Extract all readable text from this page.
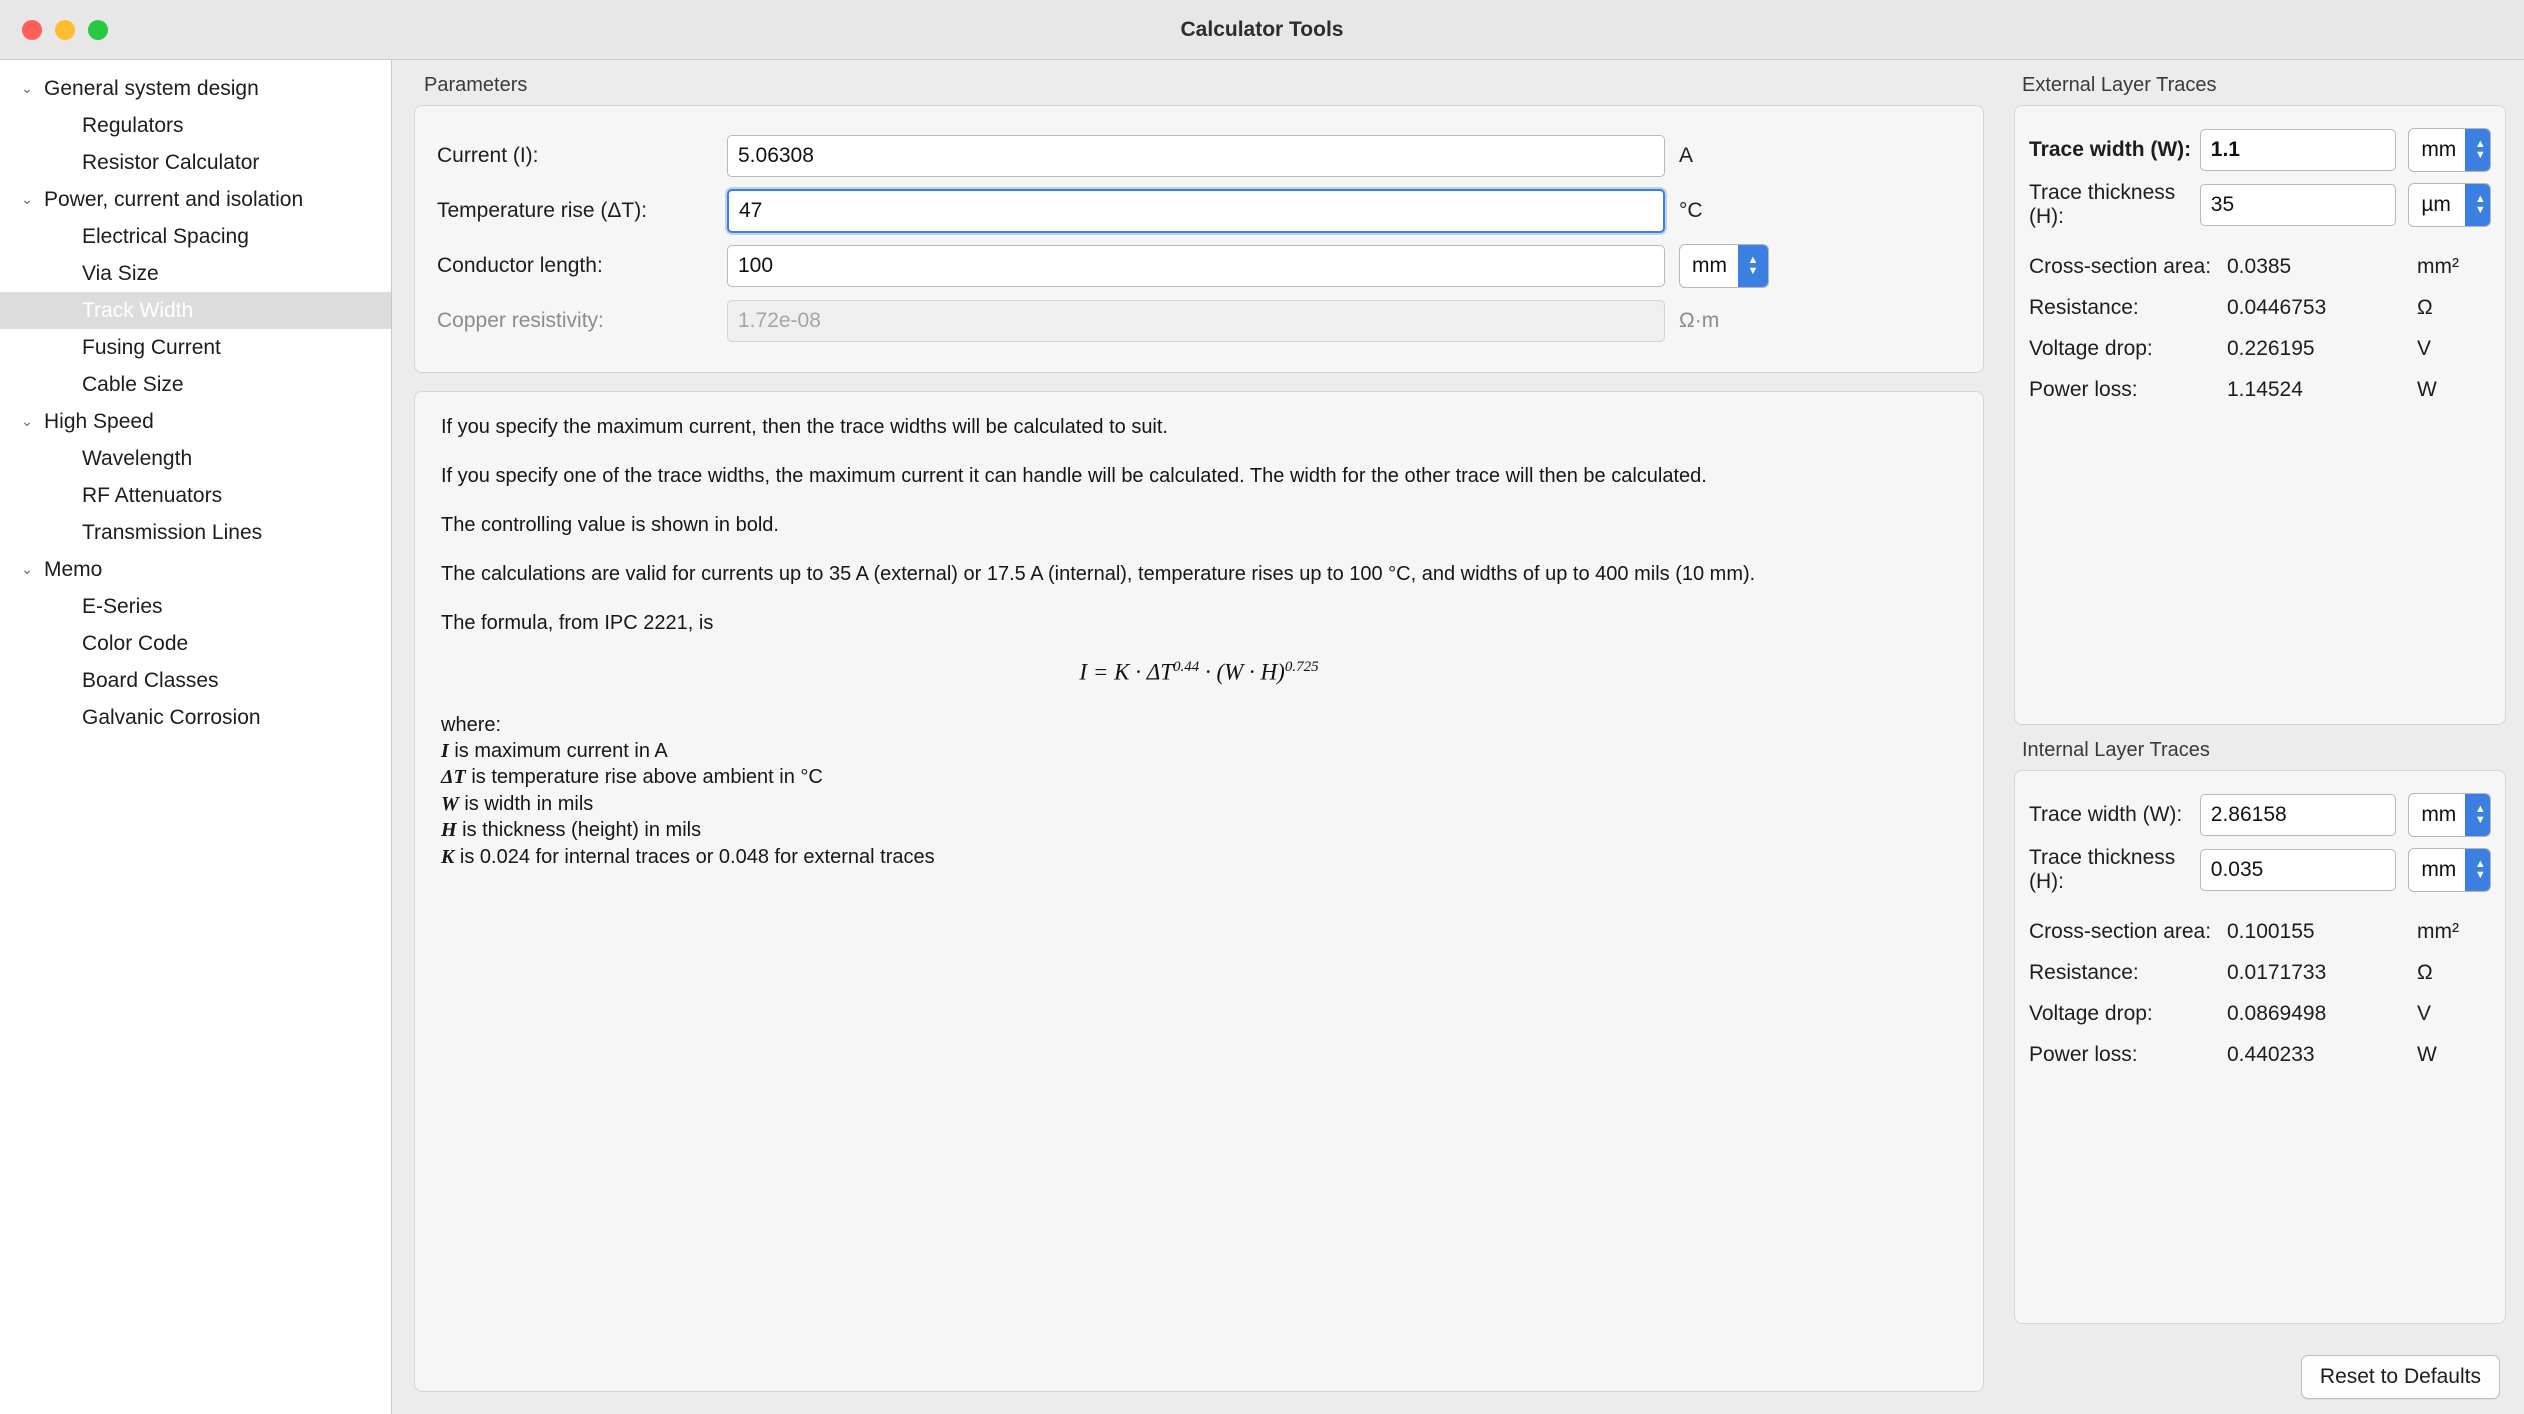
Calculator Tools
⌄ General system design
Regulators
Resistor Calculator
⌄ Power, current and isolation
Electrical Spacing
Via Size
Track Width
Fusing Current
Cable Size
⌄ High Speed
Wavelength
RF Attenuators
Transmission Lines
⌄ Memo
E-Series
Color Code
Board Classes
Galvanic Corrosion
Parameters
Current (I):	5.06308	A
Temperature rise (ΔT):	47	°C
Conductor length:	100	mm	▲
▼
Copper resistivity:	1.72e-08	Ω·m

If you specify the maximum current, then the trace widths will be calculated to suit.

If you specify one of the trace widths, the maximum current it can handle will be calculated. The width for the other trace will then be calculated.

The controlling value is shown in bold.

The calculations are valid for currents up to 35 A (external) or 17.5 A (internal), temperature rises up to 100 °C, and widths of up to 400 mils (10 mm).

The formula, from IPC 2221, is

$I = K \cdot \Delta T^{0.44} \cdot (W \cdot H)^{0.725}$
where:
I is maximum current in A
ΔT is temperature rise above ambient in °C
W is width in mils
H is thickness (height) in mils
K is 0.024 for internal traces or 0.048 for external traces
External Layer Traces
Trace width (W): 1.1	mm	▲
▼
Trace thickness (H):
35	µm	▲
▼
Cross-section area: 0.0385	mm²
Resistance:	0.0446753	Ω
Voltage drop:	0.226195	V
Power loss:	1.14524	W
Internal Layer Traces
Trace width (W):	2.86158	mm	▲
▼
Trace thickness (H):
0.035	mm	▲
▼
Cross-section area: 0.100155	mm²
Resistance:	0.0171733	Ω
Voltage drop:	0.0869498	V
Power loss:	0.440233	W
Reset to Defaults
